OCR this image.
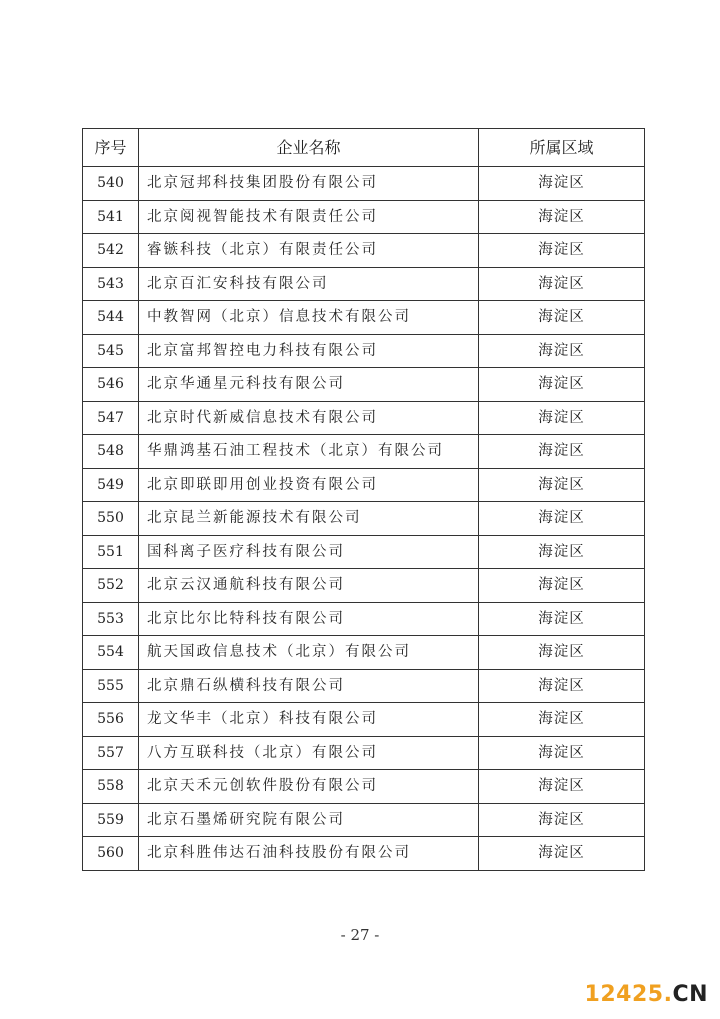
序号	企业名称	所属区域
540	北京冠邦科技集团股份有限公司	海淀区
541	北京阅视智能技术有限责任公司	海淀区
542	睿镞科技（北京）有限责任公司	海淀区
543	北京百汇安科技有限公司	海淀区
544	中教智网（北京）信息技术有限公司	海淀区
545	北京富邦智控电力科技有限公司	海淀区
546	北京华通星元科技有限公司	海淀区
547	北京时代新威信息技术有限公司	海淀区
548	华鼎鸿基石油工程技术（北京）有限公司	海淀区
549	北京即联即用创业投资有限公司	海淀区
550	北京昆兰新能源技术有限公司	海淀区
551	国科离子医疗科技有限公司	海淀区
552	北京云汉通航科技有限公司	海淀区
553	北京比尔比特科技有限公司	海淀区
554	航天国政信息技术（北京）有限公司	海淀区
555	北京鼎石纵横科技有限公司	海淀区
556	龙文华丰（北京）科技有限公司	海淀区
557	八方互联科技（北京）有限公司	海淀区
558	北京天禾元创软件股份有限公司	海淀区
559	北京石墨烯研究院有限公司	海淀区
560	北京科胜伟达石油科技股份有限公司	海淀区
- 27 -
12425.CN
